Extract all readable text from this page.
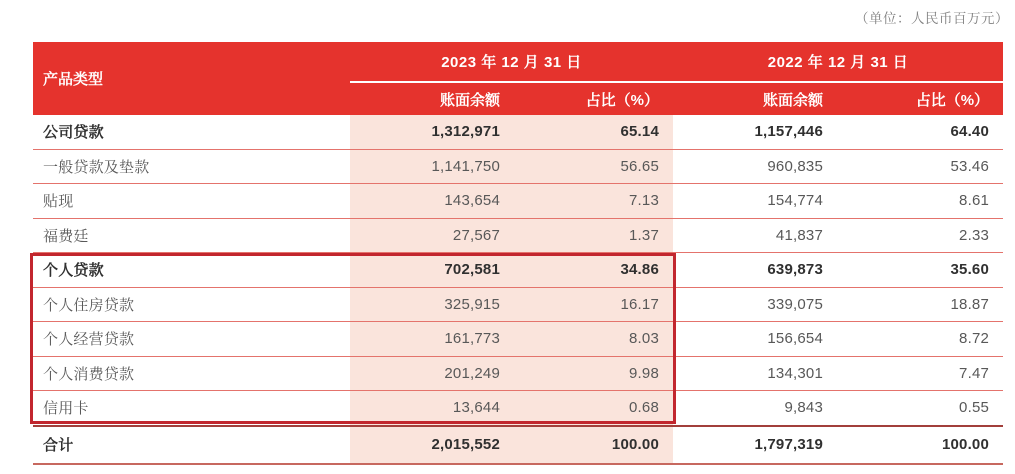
（单位：人民币百万元）
产品类型	2023 年 12 月 31 日		2022 年 12 月 31 日	
	账面余额	占比（%）	账面余额	占比（%）
公司贷款	1,312,971	65.14	1,157,446	64.40
一般贷款及垫款	1,141,750	56.65	960,835	53.46
贴现	143,654	7.13	154,774	8.61
福费廷	27,567	1.37	41,837	2.33
个人贷款	702,581	34.86	639,873	35.60
个人住房贷款	325,915	16.17	339,075	18.87
个人经营贷款	161,773	8.03	156,654	8.72
个人消费贷款	201,249	9.98	134,301	7.47
信用卡	13,644	0.68	9,843	0.55
合计	2,015,552	100.00	1,797,319	100.00
